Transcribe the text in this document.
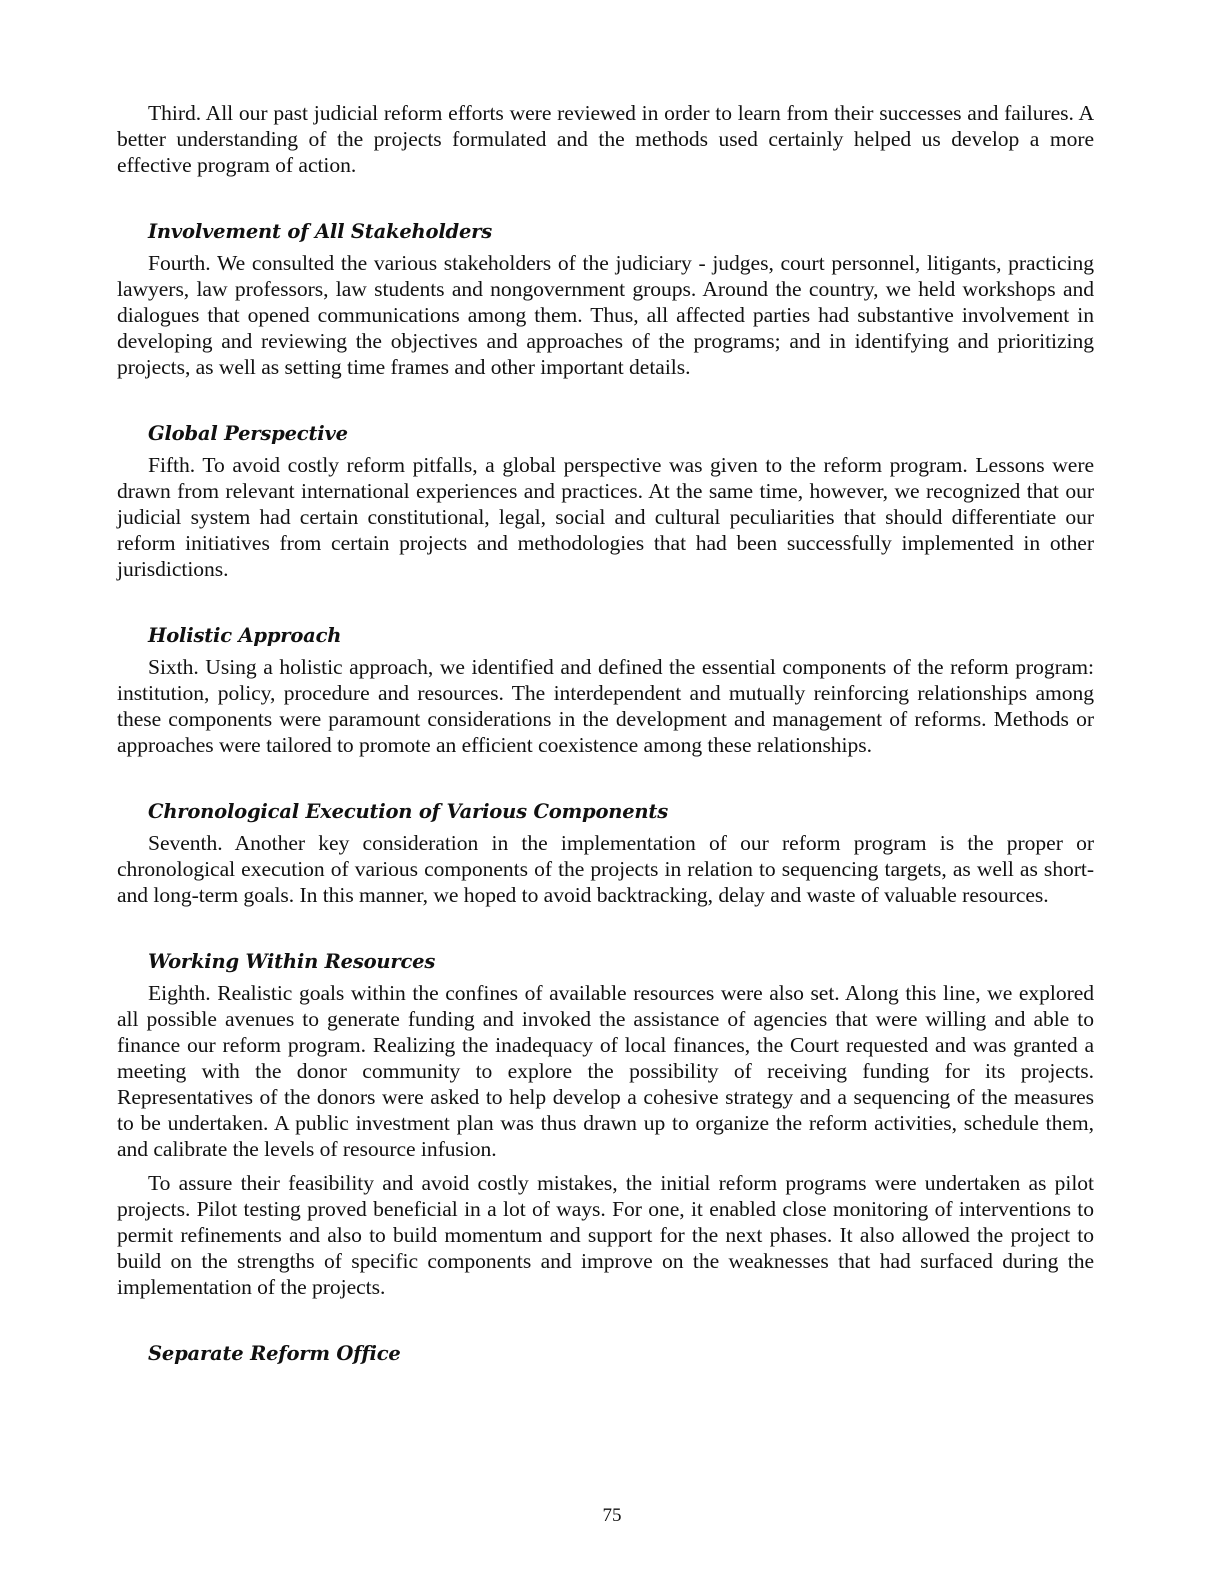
Third. All our past judicial reform efforts were reviewed in order to learn from their successes and failures. A better understanding of the projects formulated and the methods used certainly helped us develop a more effective program of action.

Involvement of All Stakeholders

Fourth. We consulted the various stakeholders of the judiciary - judges, court personnel, litigants, practicing lawyers, law professors, law students and nongovernment groups. Around the country, we held workshops and dialogues that opened communications among them. Thus, all affected parties had substantive involvement in developing and reviewing the objectives and approaches of the programs; and in identifying and prioritizing projects, as well as setting time frames and other important details.

Global Perspective

Fifth. To avoid costly reform pitfalls, a global perspective was given to the reform program. Lessons were drawn from relevant international experiences and practices. At the same time, however, we recognized that our judicial system had certain constitutional, legal, social and cultural peculiarities that should differentiate our reform initiatives from certain projects and methodologies that had been successfully implemented in other jurisdictions.

Holistic Approach

Sixth. Using a holistic approach, we identified and defined the essential components of the reform program: institution, policy, procedure and resources. The interdependent and mutually reinforcing relationships among these components were paramount considerations in the development and management of reforms. Methods or approaches were tailored to promote an efficient coexistence among these relationships.

Chronological Execution of Various Components

Seventh. Another key consideration in the implementation of our reform program is the proper or chronological execution of various components of the projects in relation to sequencing targets, as well as short- and long-term goals. In this manner, we hoped to avoid backtracking, delay and waste of valuable resources.

Working Within Resources

Eighth. Realistic goals within the confines of available resources were also set. Along this line, we explored all possible avenues to generate funding and invoked the assistance of agencies that were willing and able to finance our reform program. Realizing the inadequacy of local finances, the Court requested and was granted a meeting with the donor community to explore the possibility of receiving funding for its projects. Representatives of the donors were asked to help develop a cohesive strategy and a sequencing of the measures to be undertaken. A public investment plan was thus drawn up to organize the reform activities, schedule them, and calibrate the levels of resource infusion.

To assure their feasibility and avoid costly mistakes, the initial reform programs were undertaken as pilot projects. Pilot testing proved beneficial in a lot of ways. For one, it enabled close monitoring of interventions to permit refinements and also to build momentum and support for the next phases. It also allowed the project to build on the strengths of specific components and improve on the weaknesses that had surfaced during the implementation of the projects.

Separate Reform Office
75
